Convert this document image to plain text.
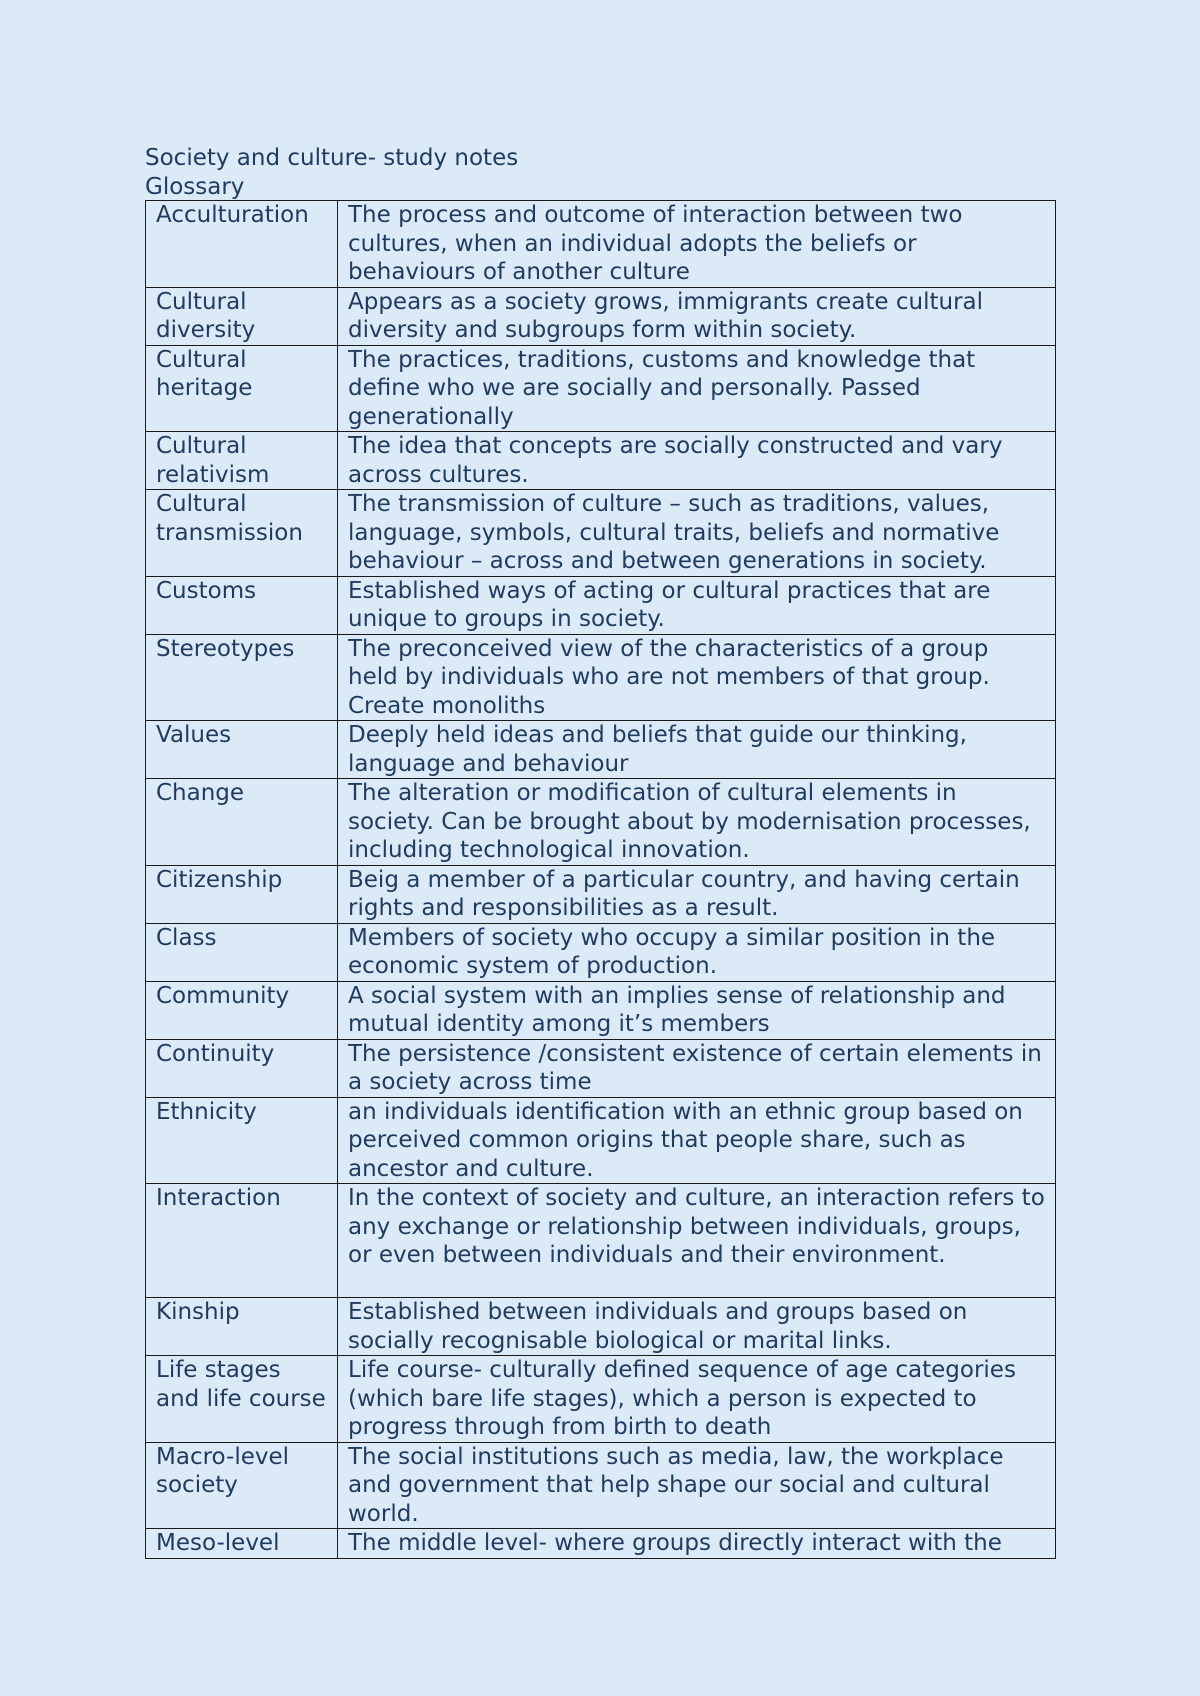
Society and culture- study notes
Glossary
Acculturation	The process and outcome of interaction between two cultures, when an individual adopts the beliefs or behaviours of another culture
Cultural diversity	Appears as a society grows, immigrants create cultural diversity and subgroups form within society.
Cultural heritage	The practices, traditions, customs and knowledge that define who we are socially and personally. Passed generationally
Cultural relativism	The idea that concepts are socially constructed and vary across cultures.
Cultural transmission	The transmission of culture – such as traditions, values, language, symbols, cultural traits, beliefs and normative behaviour – across and between generations in society.
Customs	Established ways of acting or cultural practices that are unique to groups in society.
Stereotypes	The preconceived view of the characteristics of a group held by individuals who are not members of that group. Create monoliths
Values	Deeply held ideas and beliefs that guide our thinking, language and behaviour
Change	The alteration or modification of cultural elements in society. Can be brought about by modernisation processes, including technological innovation.
Citizenship	Beig a member of a particular country, and having certain rights and responsibilities as a result.
Class	Members of society who occupy a similar position in the economic system of production.
Community	A social system with an implies sense of relationship and mutual identity among it’s members
Continuity	The persistence /consistent existence of certain elements in a society across time
Ethnicity	an individuals identification with an ethnic group based on perceived common origins that people share, such as ancestor and culture.
Interaction	In the context of society and culture, an interaction refers to any exchange or relationship between individuals, groups, or even between individuals and their environment.
Kinship	Established between individuals and groups based on socially recognisable biological or marital links.
Life stages and life course	Life course- culturally defined sequence of age categories (which bare life stages), which a person is expected to progress through from birth to death
Macro-level society	The social institutions such as media, law, the workplace and government that help shape our social and cultural world.
Meso-level	The middle level- where groups directly interact with the
